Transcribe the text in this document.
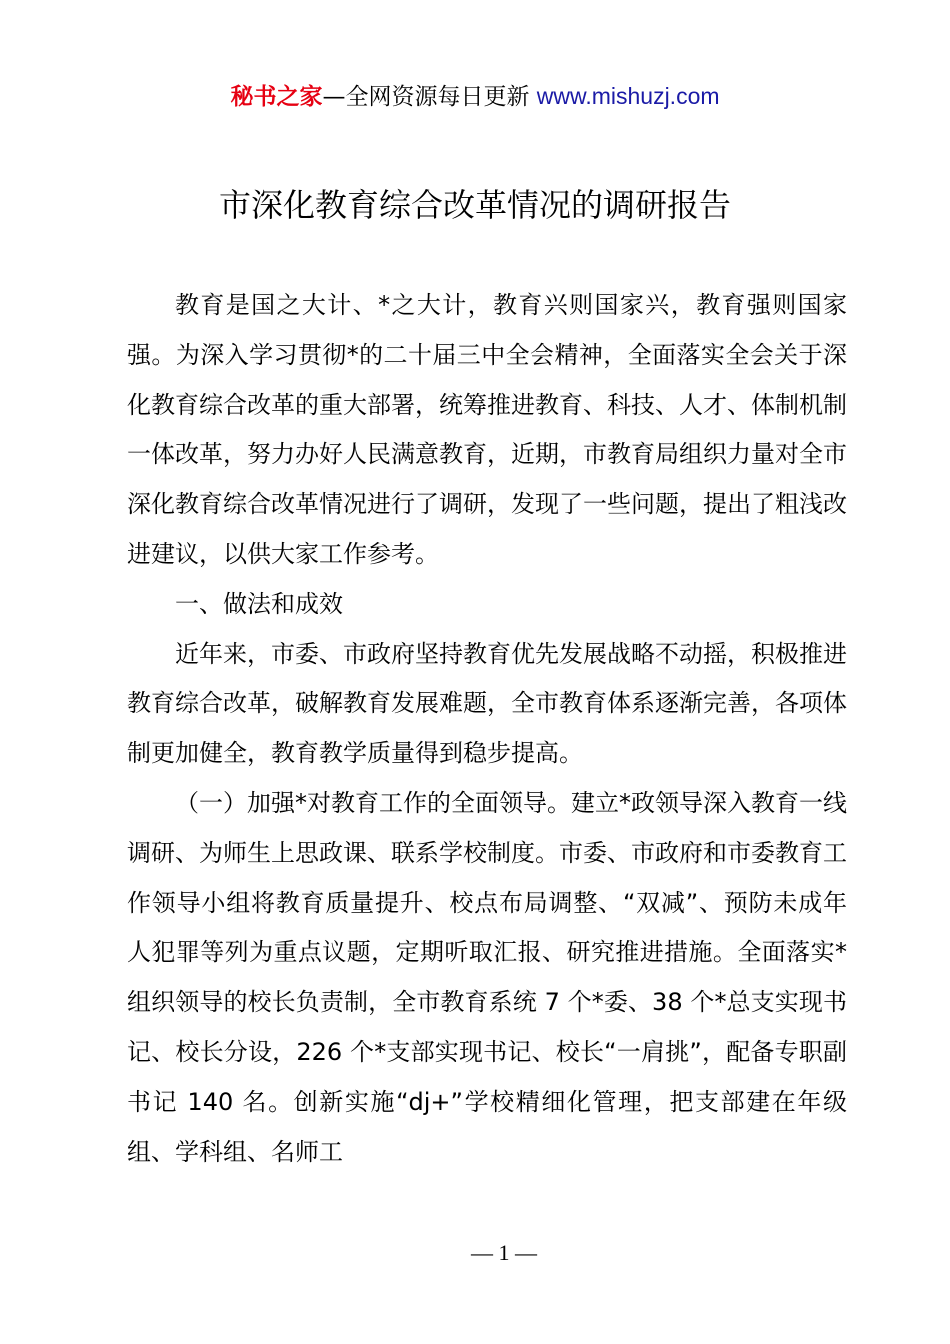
秘书之家—全网资源每日更新 www.mishuzj.com
市深化教育综合改革情况的调研报告

教育是国之大计、*之大计，教育兴则国家兴，教育强则国家强。为深入学习贯彻*的二十届三中全会精神，全面落实全会关于深化教育综合改革的重大部署，统筹推进教育、科技、人才、体制机制一体改革，努力办好人民满意教育，近期，市教育局组织力量对全市深化教育综合改革情况进行了调研，发现了一些问题，提出了粗浅改进建议，以供大家工作参考。

一、做法和成效

近年来，市委、市政府坚持教育优先发展战略不动摇，积极推进教育综合改革，破解教育发展难题，全市教育体系逐渐完善，各项体制更加健全，教育教学质量得到稳步提高。

（一）加强*对教育工作的全面领导。建立*政领导深入教育一线调研、为师生上思政课、联系学校制度。市委、市政府和市委教育工作领导小组将教育质量提升、校点布局调整、“双减”、预防未成年人犯罪等列为重点议题，定期听取汇报、研究推进措施。全面落实*组织领导的校长负责制，全市教育系统 7 个*委、38 个*总支实现书记、校长分设，226 个*支部实现书记、校长“一肩挑”，配备专职副书记 140 名。创新实施“dj+”学校精细化管理，把支部建在年级组、学科组、名师工

— 1 —
